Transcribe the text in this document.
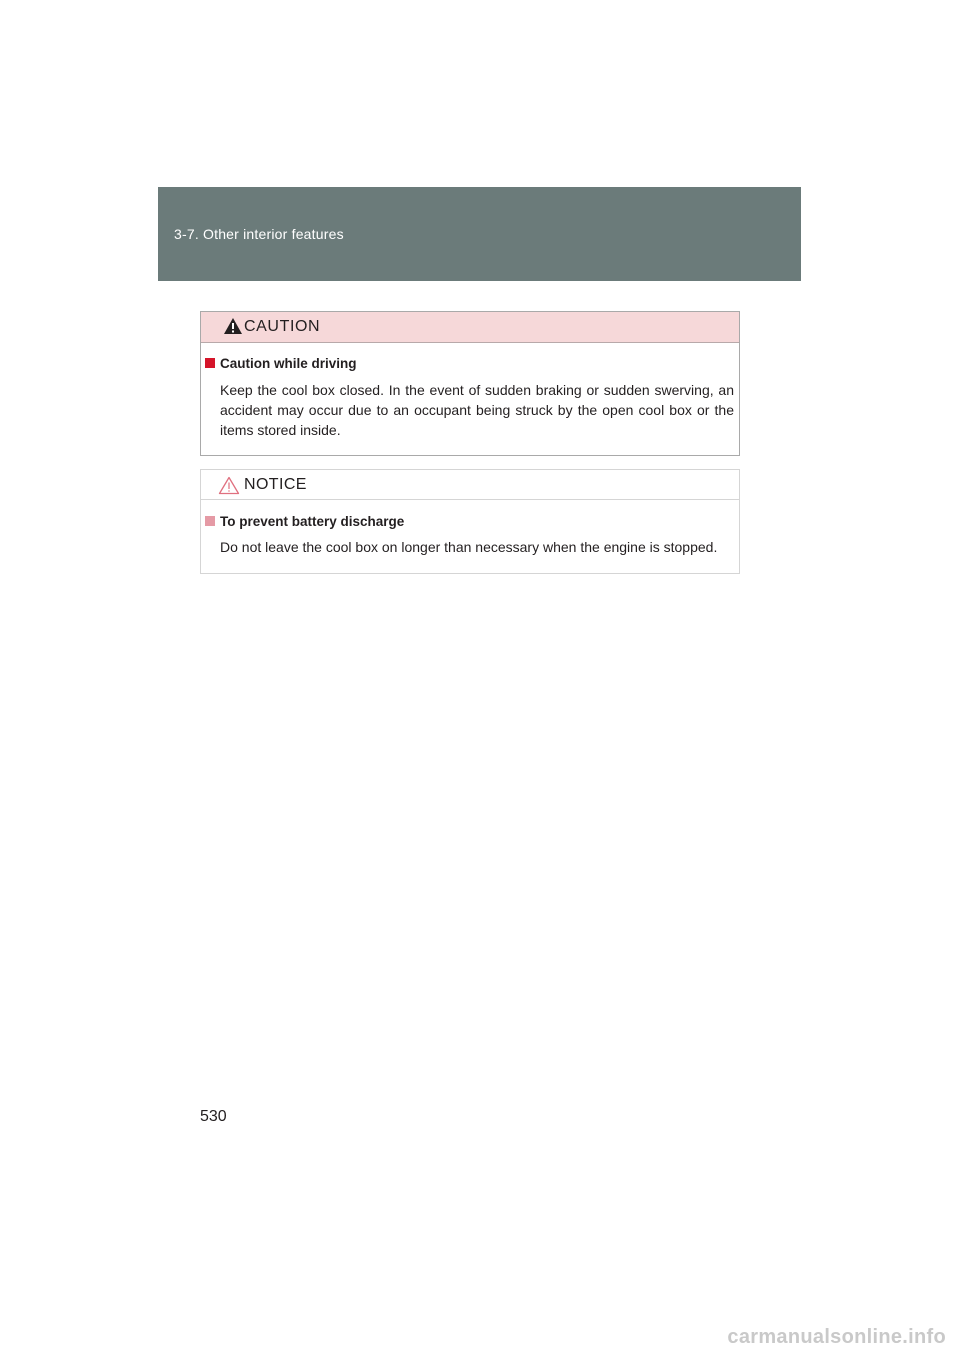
3-7. Other interior features
CAUTION
Caution while driving
Keep the cool box closed. In the event of sudden braking or sudden swerving, an accident may occur due to an occupant being struck by the open cool box or the items stored inside.
NOTICE
To prevent battery discharge
Do not leave the cool box on longer than necessary when the engine is stopped.
530
carmanualsonline.info
